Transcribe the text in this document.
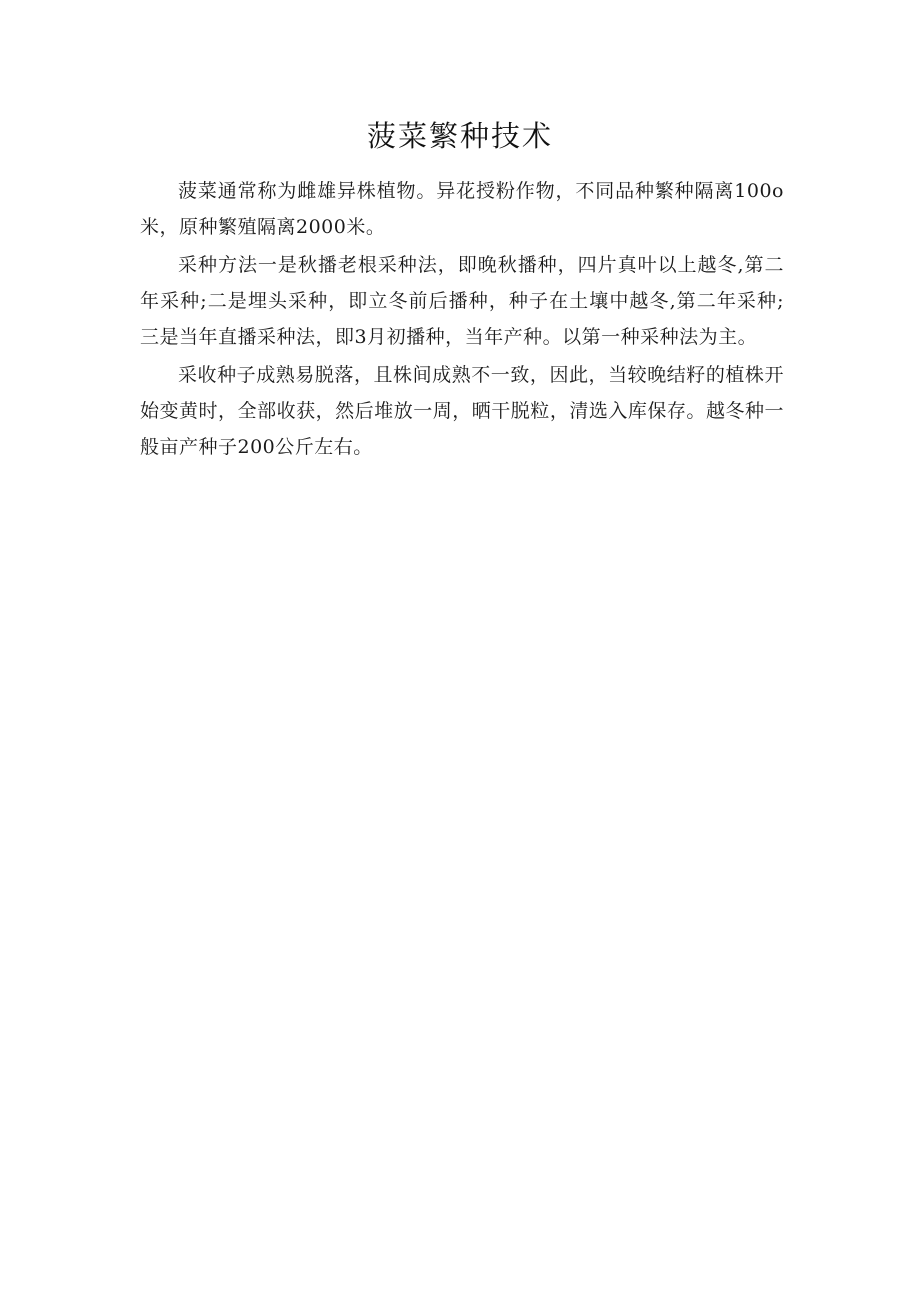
菠菜繁种技术

菠菜通常称为雌雄异株植物。异花授粉作物，不同品种繁种隔离100o米，原种繁殖隔离2000米。

采种方法一是秋播老根采种法，即晚秋播种，四片真叶以上越冬,第二年采种;二是埋头采种，即立冬前后播种，种子在土壤中越冬,第二年采种;三是当年直播采种法，即3月初播种，当年产种。以第一种采种法为主。

采收种子成熟易脱落，且株间成熟不一致，因此，当较晚结籽的植株开始变黄时，全部收获，然后堆放一周，晒干脱粒，清选入库保存。越冬种一般亩产种子200公斤左右。
